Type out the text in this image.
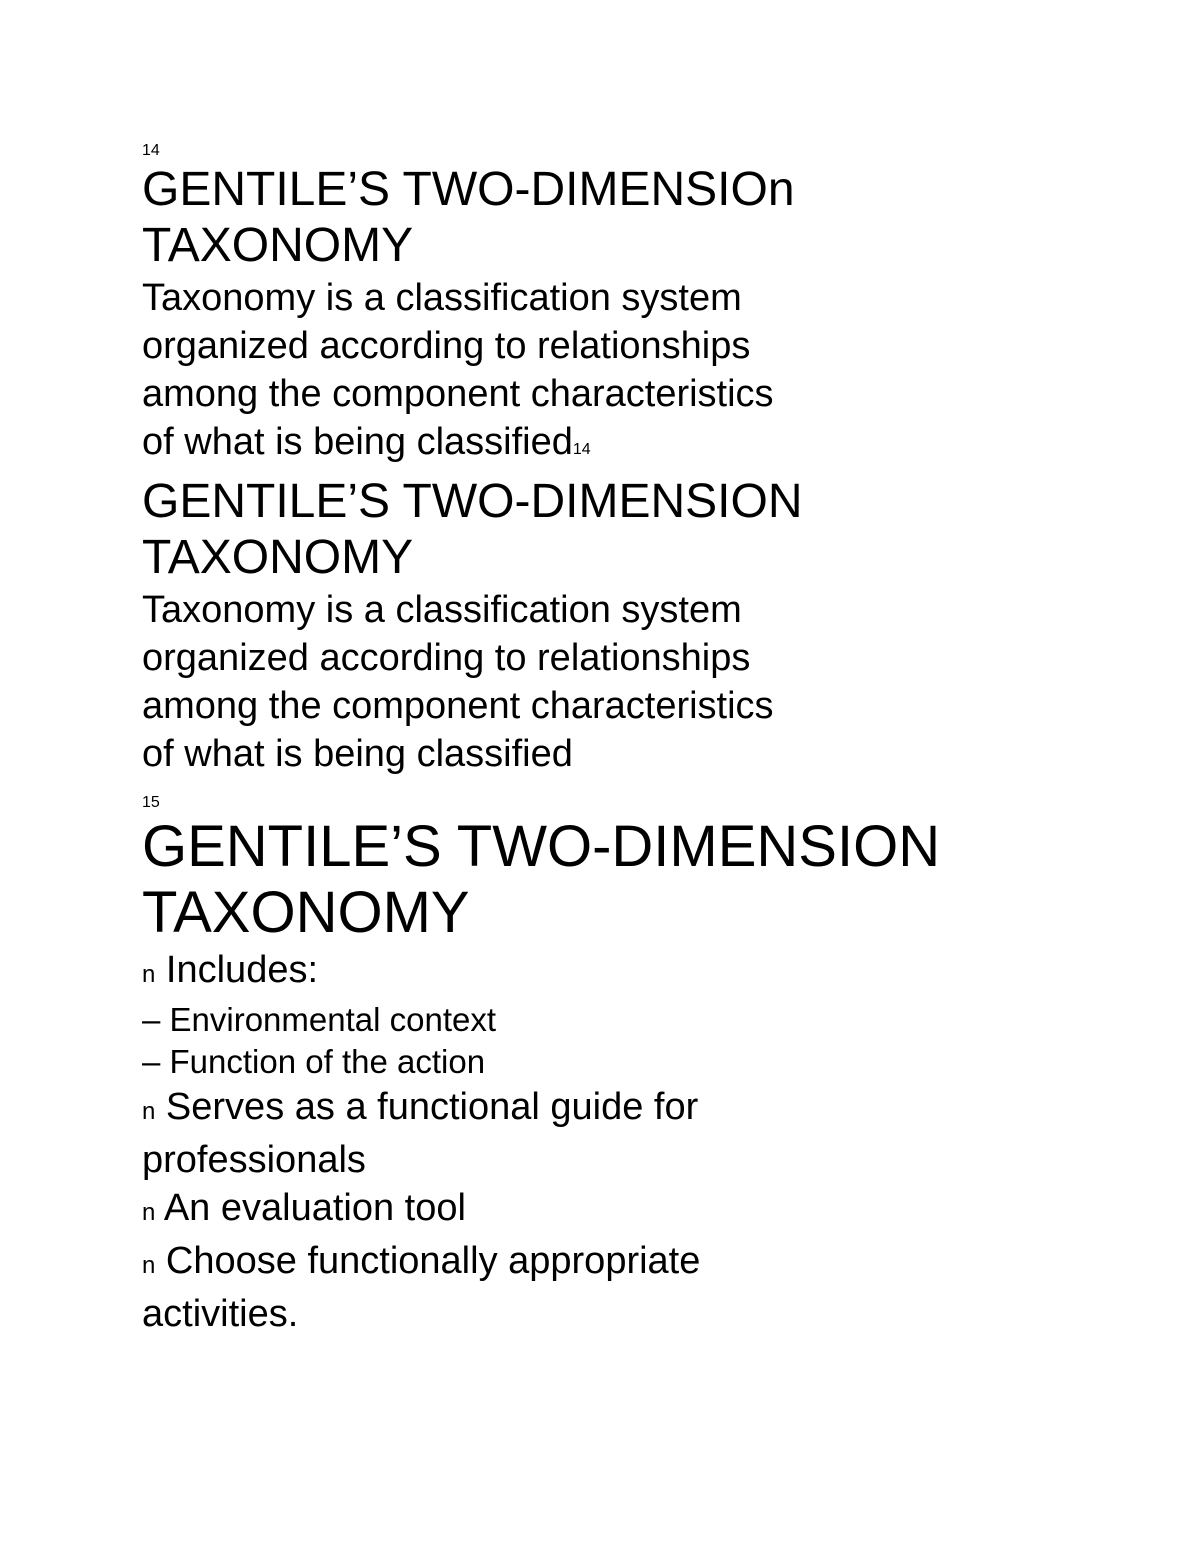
14
GENTILE’S TWO-DIMENSIOn
TAXONOMY
Taxonomy is a classification system
organized according to relationships
among the component characteristics
of what is being classified14
GENTILE’S TWO-DIMENSION
TAXONOMY
Taxonomy is a classification system
organized according to relationships
among the component characteristics
of what is being classified
15
GENTILE’S TWO-DIMENSION
TAXONOMY
n Includes:
– Environmental context
– Function of the action
n Serves as a functional guide for
professionals
n An evaluation tool
n Choose functionally appropriate
activities.
